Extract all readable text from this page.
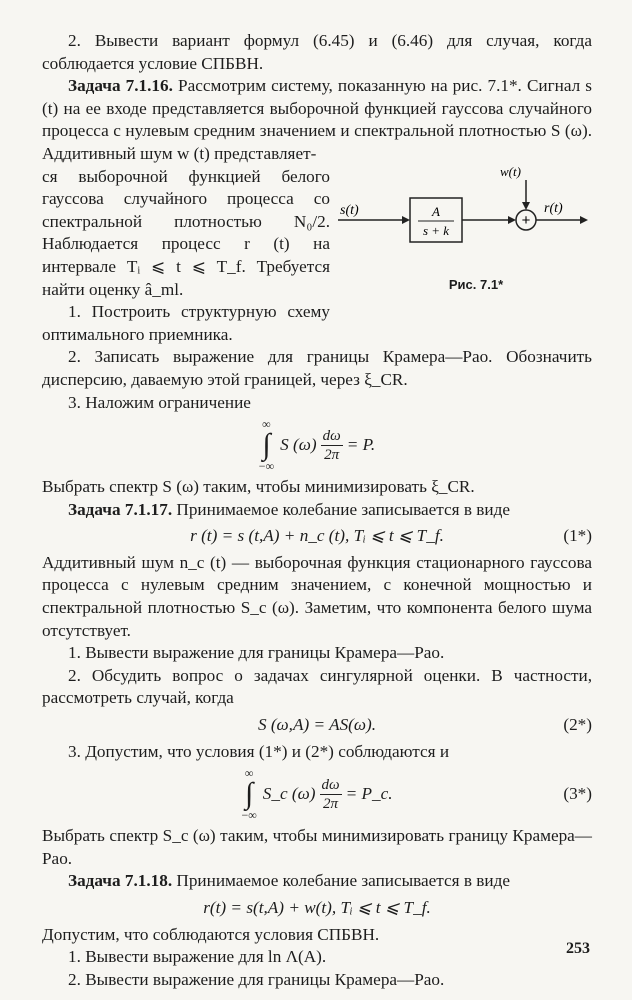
2. Вывести вариант формул (6.45) и (6.46) для случая, когда соблюдается условие СПБВН.

Задача 7.1.16. Рассмотрим систему, показанную на рис. 7.1*. Сигнал s (t) на ее входе представляется выборочной функцией гауссова случайного процесса с нулевым средним значением и спектральной плотностью S (ω). Аддитивный шум w (t) представляет-

ся выборочной функцией белого гауссова случайного процесса со спектральной плотностью N₀/2. Наблюдается процесс r (t) на интервале Tᵢ ⩽ t ⩽ T_f. Требуется найти оценку â_ml.

1. Построить структурную схему оптимального приемника.

s(t)	A
s + k
+
w(t)
r(t)
Рис. 7.1*

2. Записать выражение для границы Крамера—Рао. Обозначить дисперсию, даваемую этой границей, через ξ_CR.

3. Наложим ограничение

∞
∫
−∞
S $(\omega) \frac{d\omega}{2\pi} = P$.

Выбрать спектр S (ω) таким, чтобы минимизировать ξ_CR.

Задача 7.1.17. Принимаемое колебание записывается в виде

r (t) = s (t,A) + n_c (t), Tᵢ ⩽ t ⩽ T_f.	(1*)

Аддитивный шум n_c (t) — выборочная функция стационарного гауссова процесса с нулевым средним значением, с конечной мощностью и спектральной плотностью S_c (ω). Заметим, что компонента белого шума отсутствует.

1. Вывести выражение для границы Крамера—Рао.

2. Обсудить вопрос о задачах сингулярной оценки. В частности, рассмотреть случай, когда

S (ω,A) = AS(ω).	(2*)

3. Допустим, что условия (1*) и (2*) соблюдаются и

∞
∫
−∞
S_c $(\omega) \frac{d\omega}{2\pi}$ = P_c.	(3*)

Выбрать спектр S_c (ω) таким, чтобы минимизировать границу Крамера—Рао.

Задача 7.1.18. Принимаемое колебание записывается в виде

r(t) = s(t,A) + w(t), Tᵢ ⩽ t ⩽ T_f.

Допустим, что соблюдаются условия СПБВН.

1. Вывести выражение для ln Λ(A).

2. Вывести выражение для границы Крамера—Рао.

253
